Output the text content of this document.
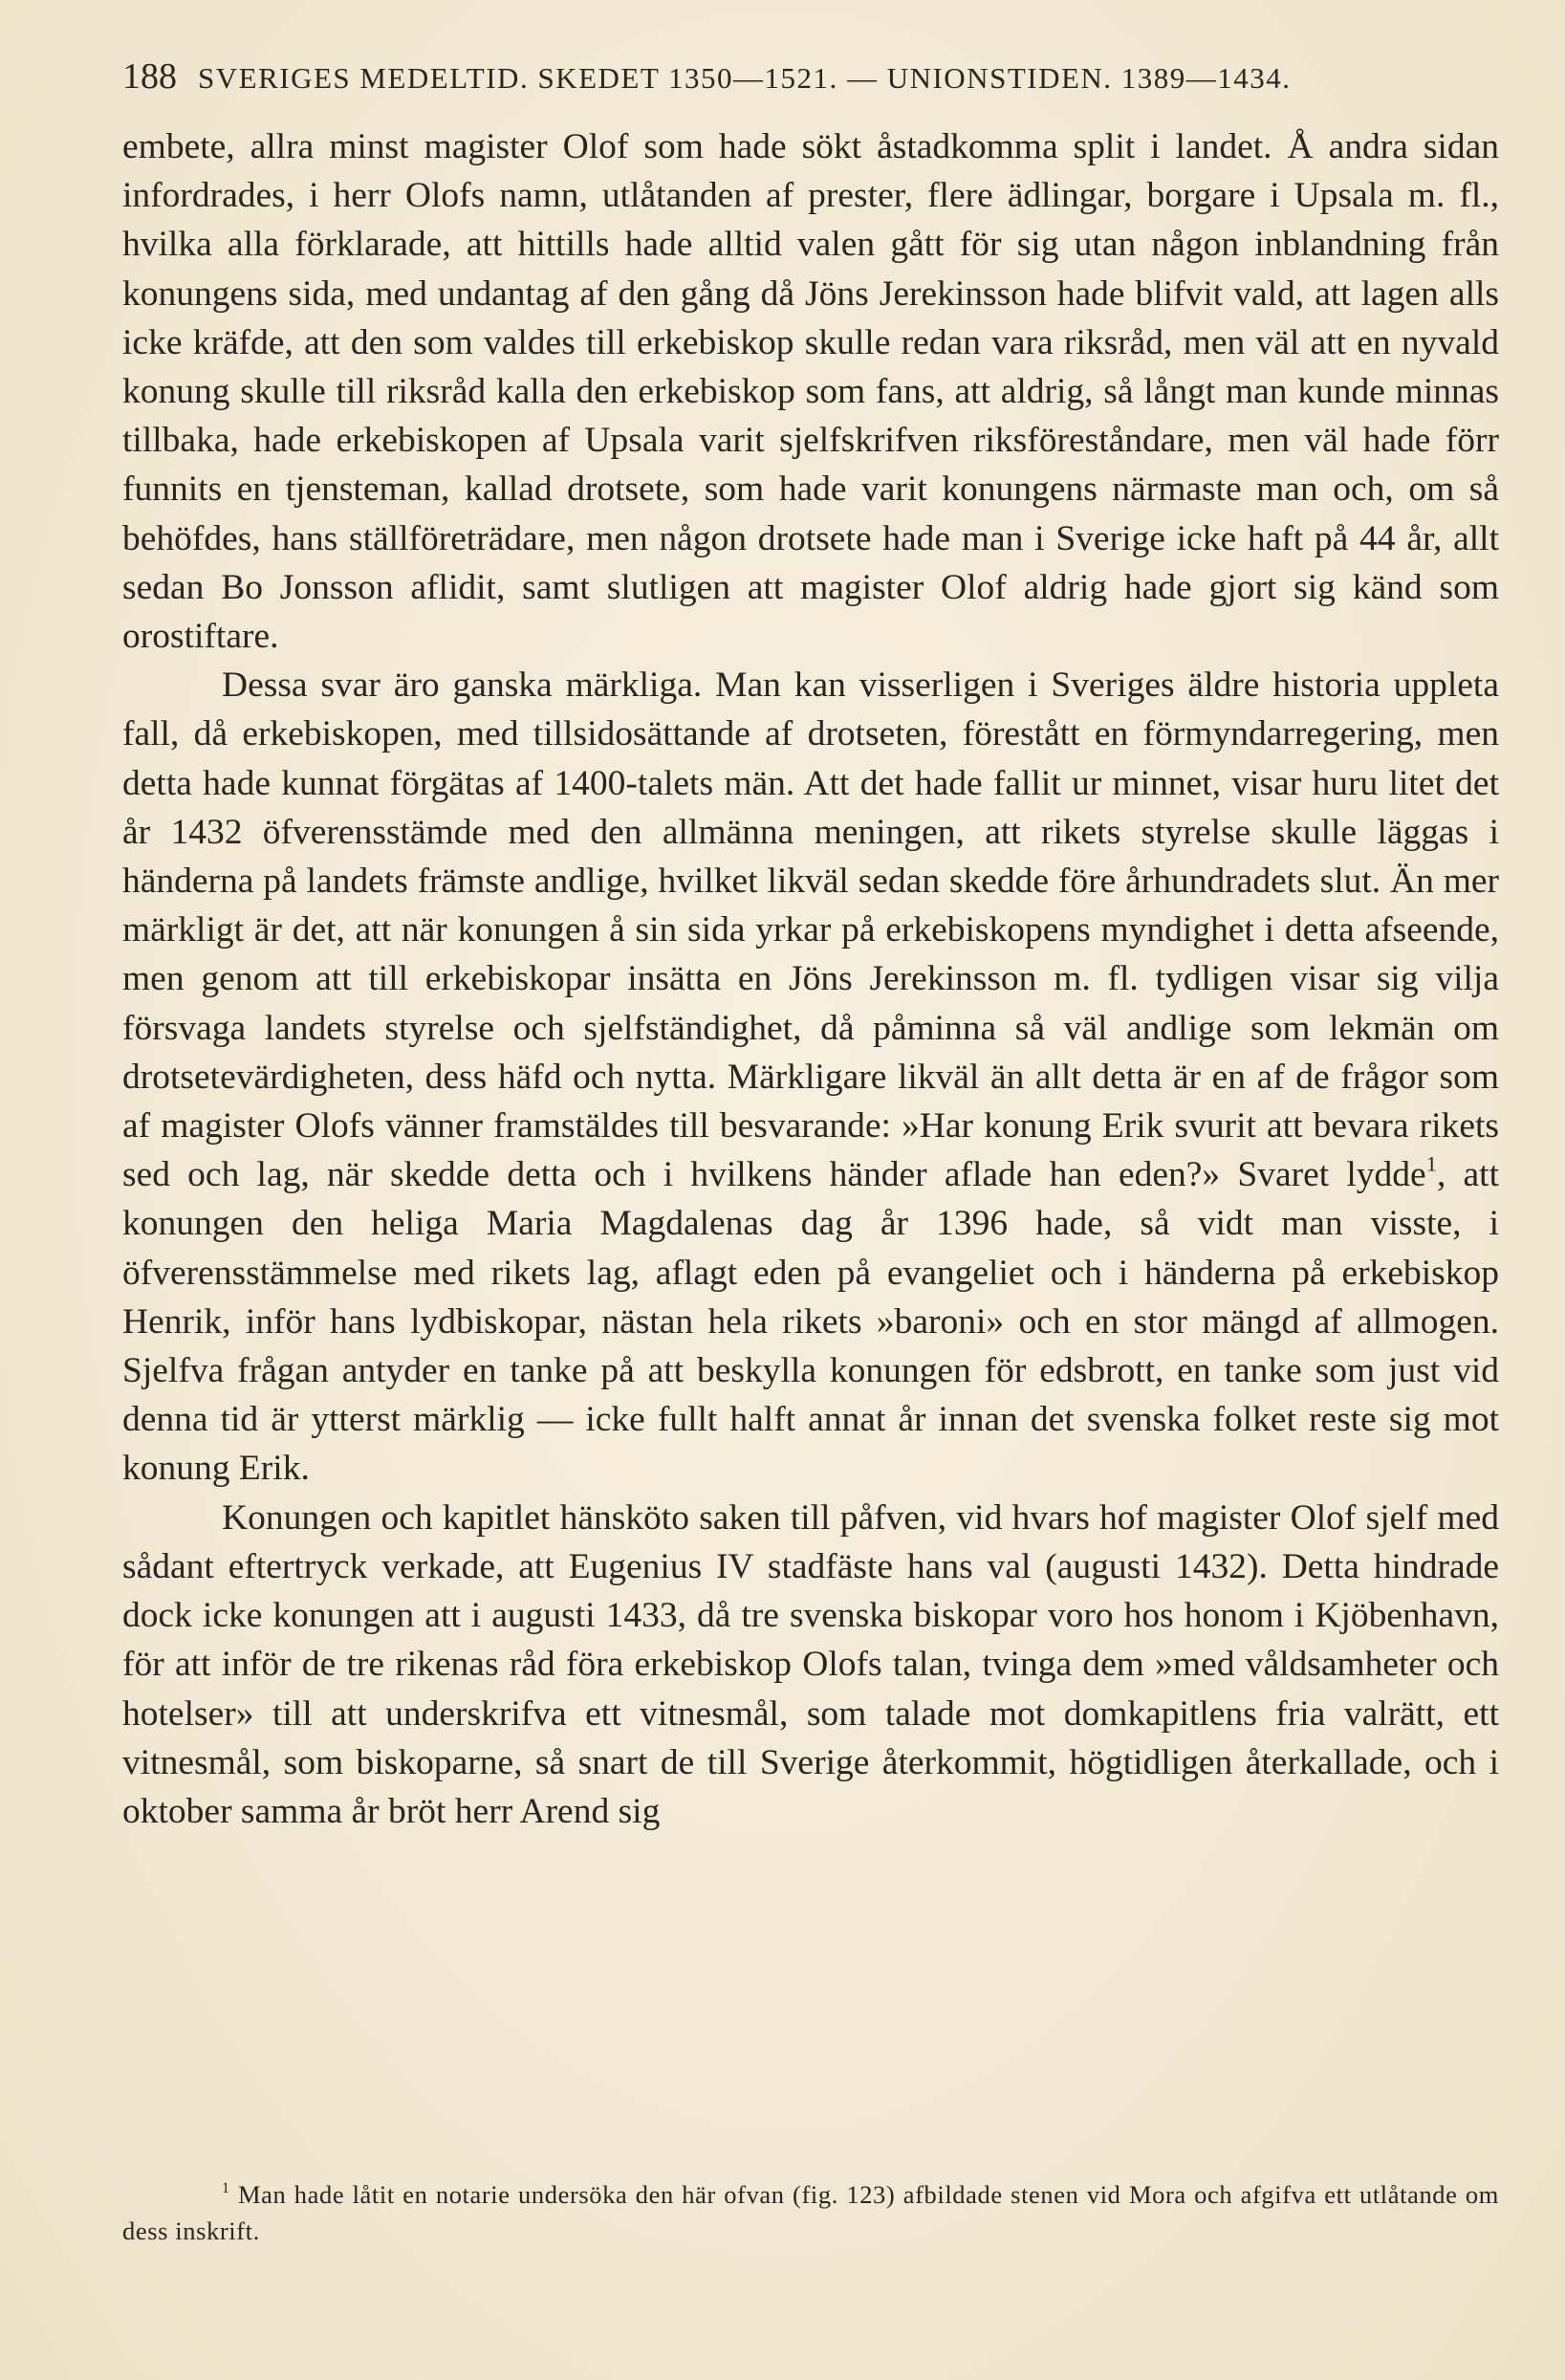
188 SVERIGES MEDELTID. SKEDET 1350—1521. — UNIONSTIDEN. 1389—1434.

embete, allra minst magister Olof som hade sökt åstadkomma split i landet. Å andra sidan infordrades, i herr Olofs namn, utlåtanden af prester, flere ädlingar, borgare i Upsala m. fl., hvilka alla förklarade, att hittills hade alltid valen gått för sig utan någon inblandning från konungens sida, med undantag af den gång då Jöns Jerekinsson hade blifvit vald, att lagen alls icke kräfde, att den som valdes till erkebiskop skulle redan vara riksråd, men väl att en nyvald konung skulle till riksråd kalla den erkebiskop som fans, att aldrig, så långt man kunde minnas tillbaka, hade erkebiskopen af Upsala varit sjelfskrifven riksföreståndare, men väl hade förr funnits en tjensteman, kallad drotsete, som hade varit konungens närmaste man och, om så behöfdes, hans ställföreträdare, men någon drotsete hade man i Sverige icke haft på 44 år, allt sedan Bo Jonsson aflidit, samt slutligen att magister Olof aldrig hade gjort sig känd som orostiftare.

Dessa svar äro ganska märkliga. Man kan visserligen i Sveriges äldre historia uppleta fall, då erkebiskopen, med tillsidosättande af drotseten, förestått en förmyndarregering, men detta hade kunnat förgätas af 1400-talets män. Att det hade fallit ur minnet, visar huru litet det år 1432 öfverensstämde med den allmänna meningen, att rikets styrelse skulle läggas i händerna på landets främste andlige, hvilket likväl sedan skedde före århundradets slut. Än mer märkligt är det, att när konungen å sin sida yrkar på erkebiskopens myndighet i detta afseende, men genom att till erkebiskopar insätta en Jöns Jerekinsson m. fl. tydligen visar sig vilja försvaga landets styrelse och sjelfständighet, då påminna så väl andlige som lekmän om drotsetevärdigheten, dess häfd och nytta. Märkligare likväl än allt detta är en af de frågor som af magister Olofs vänner framstäldes till besvarande: »Har konung Erik svurit att bevara rikets sed och lag, när skedde detta och i hvilkens händer aflade han eden?» Svaret lydde$^1$, att konungen den heliga Maria Magdalenas dag år 1396 hade, så vidt man visste, i öfverensstämmelse med rikets lag, aflagt eden på evangeliet och i händerna på erkebiskop Henrik, inför hans lydbiskopar, nästan hela rikets »baroni» och en stor mängd af allmogen. Sjelfva frågan antyder en tanke på att beskylla konungen för edsbrott, en tanke som just vid denna tid är ytterst märklig — icke fullt halft annat år innan det svenska folket reste sig mot konung Erik.

Konungen och kapitlet hänsköto saken till påfven, vid hvars hof magister Olof sjelf med sådant eftertryck verkade, att Eugenius IV stadfäste hans val (augusti 1432). Detta hindrade dock icke konungen att i augusti 1433, då tre svenska biskopar voro hos honom i Kjöbenhavn, för att inför de tre rikenas råd föra erkebiskop Olofs talan, tvinga dem »med våldsamheter och hotelser» till att underskrifva ett vitnesmål, som talade mot domkapitlens fria valrätt, ett vitnesmål, som biskoparne, så snart de till Sverige återkommit, högtidligen återkallade, och i oktober samma år bröt herr Arend sig

$^1$ Man hade låtit en notarie undersöka den här ofvan (fig. 123) afbildade stenen vid Mora och afgifva ett utlåtande om dess inskrift.
